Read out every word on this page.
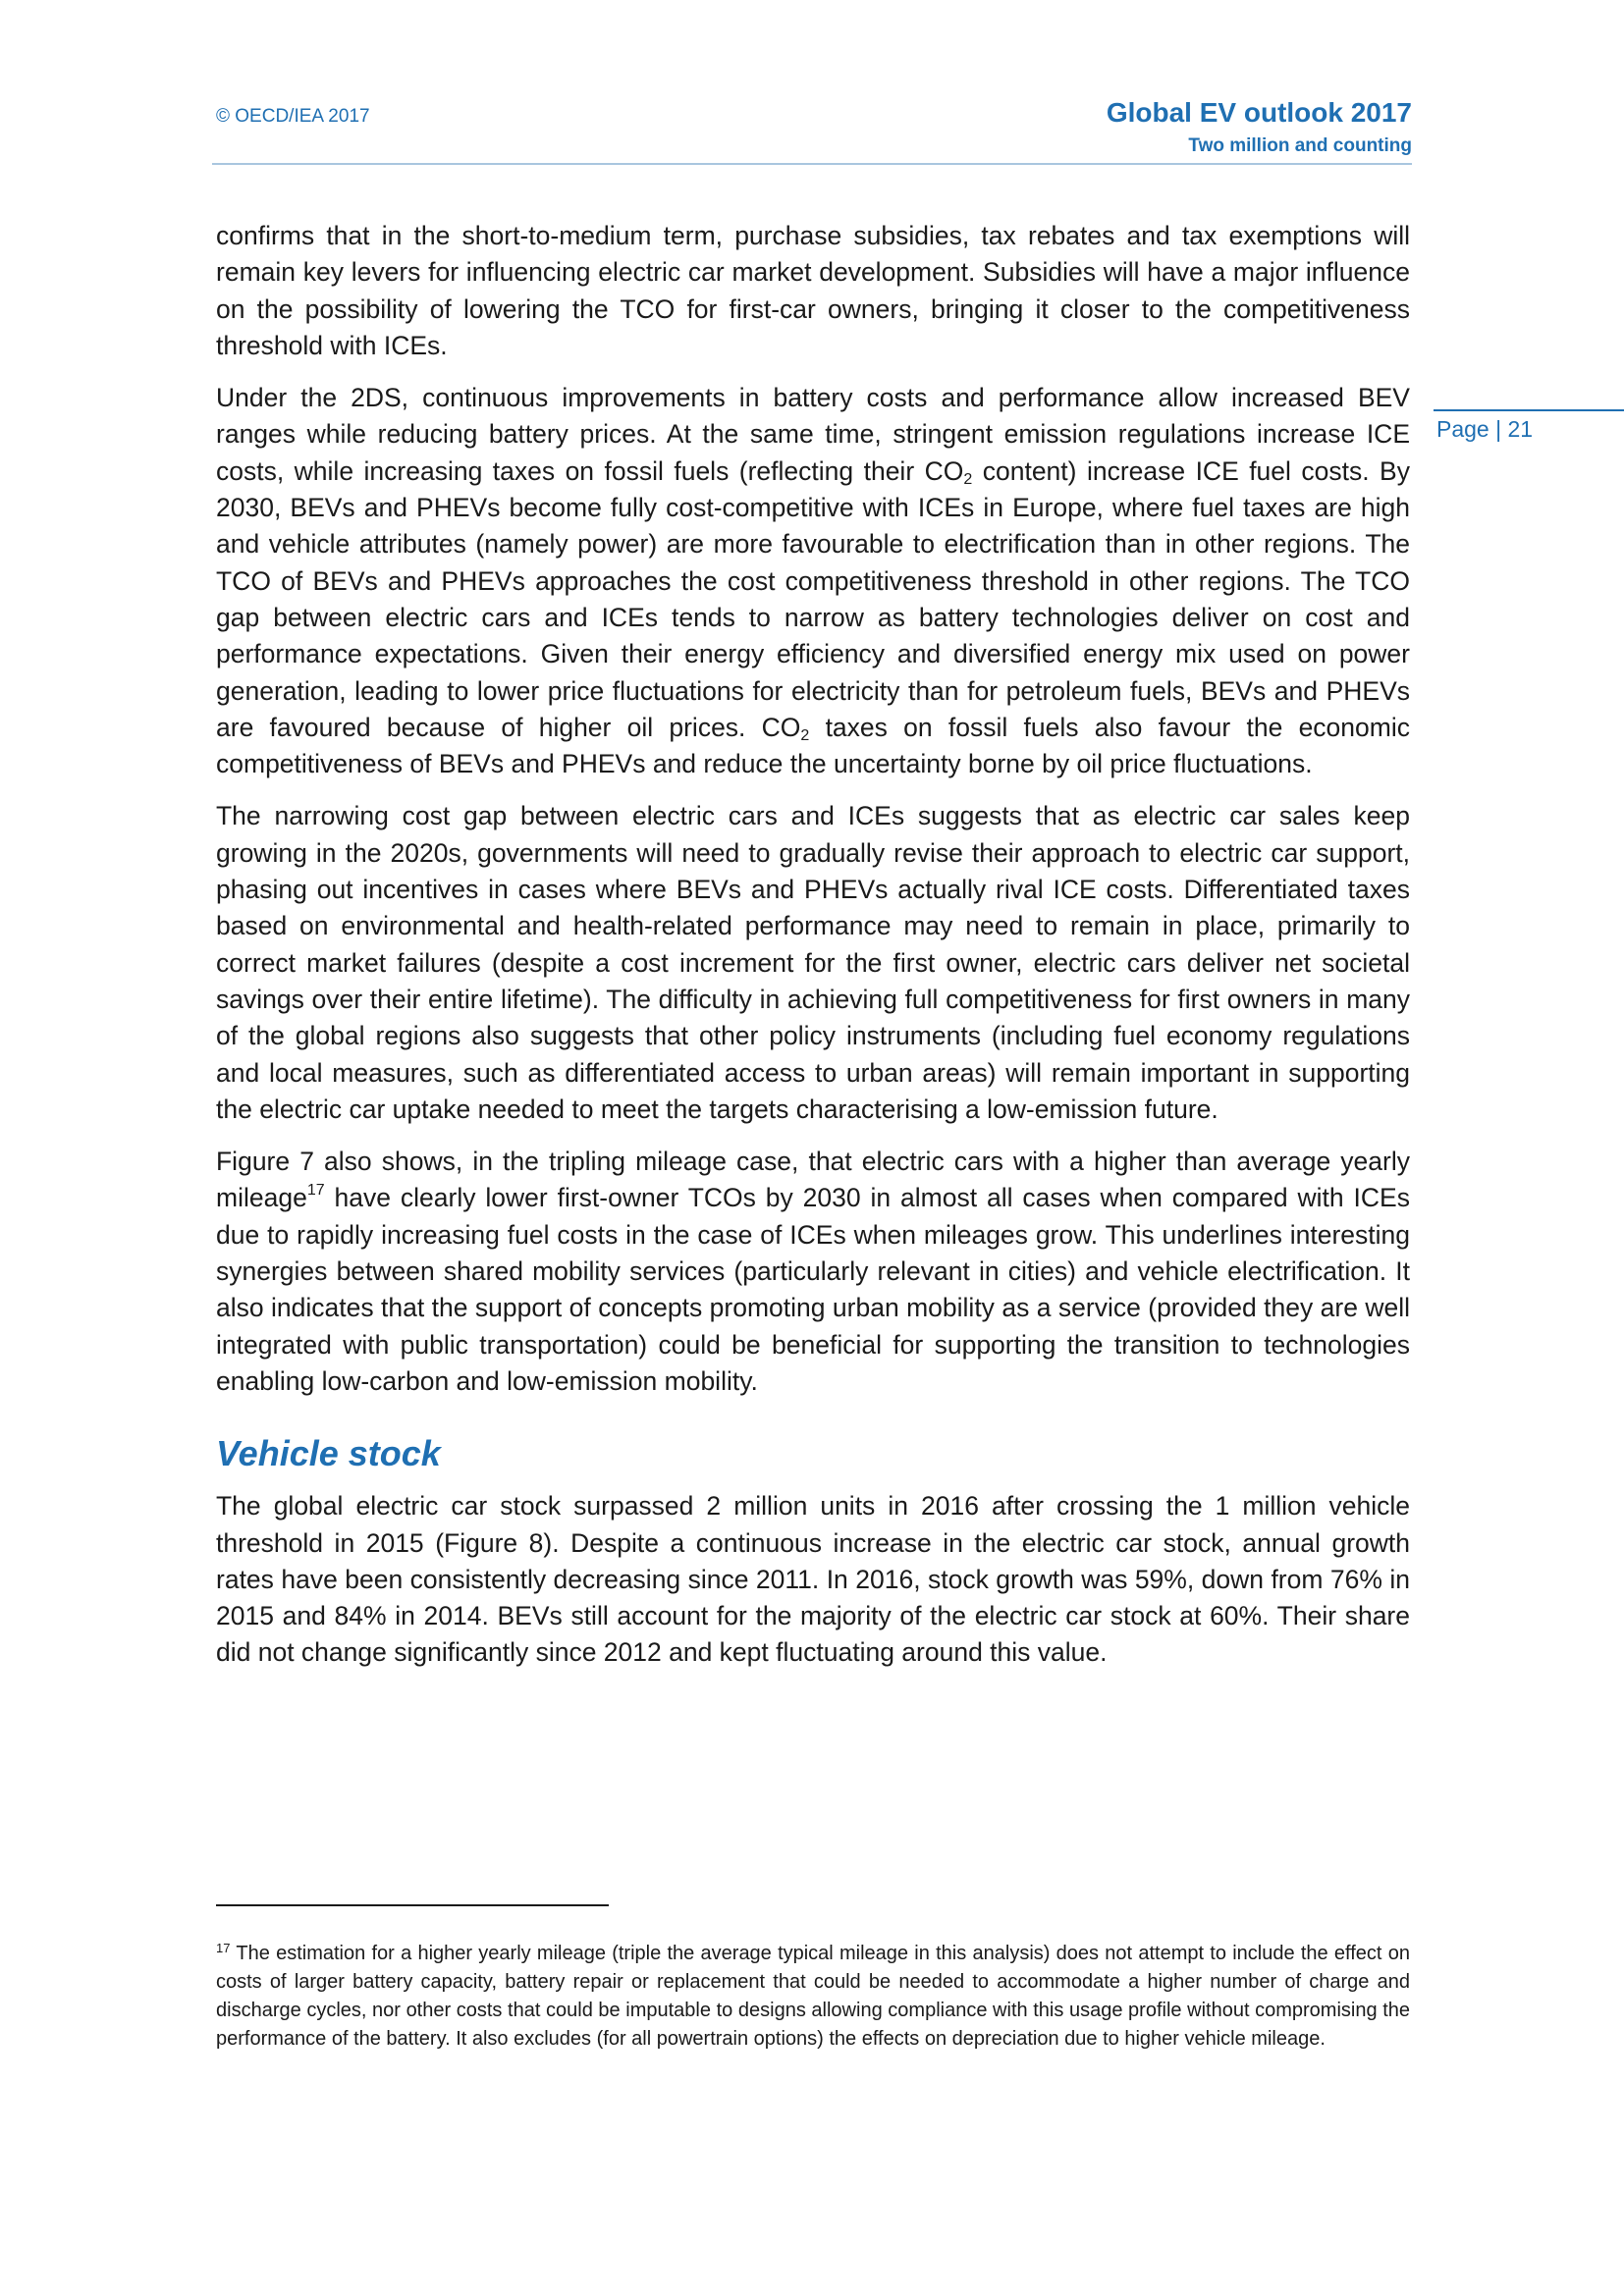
© OECD/IEA 2017	Global EV outlook 2017
Two million and counting
Page | 21

confirms that in the short-to-medium term, purchase subsidies, tax rebates and tax exemptions will remain key levers for influencing electric car market development. Subsidies will have a major influence on the possibility of lowering the TCO for first-car owners, bringing it closer to the competitiveness threshold with ICEs.

Under the 2DS, continuous improvements in battery costs and performance allow increased BEV ranges while reducing battery prices. At the same time, stringent emission regulations increase ICE costs, while increasing taxes on fossil fuels (reflecting their $CO_2$ content) increase ICE fuel costs. By 2030, BEVs and PHEVs become fully cost-competitive with ICEs in Europe, where fuel taxes are high and vehicle attributes (namely power) are more favourable to electrification than in other regions. The TCO of BEVs and PHEVs approaches the cost competitiveness threshold in other regions. The TCO gap between electric cars and ICEs tends to narrow as battery technologies deliver on cost and performance expectations. Given their energy efficiency and diversified energy mix used on power generation, leading to lower price fluctuations for electricity than for petroleum fuels, BEVs and PHEVs are favoured because of higher oil prices. $CO_2$ taxes on fossil fuels also favour the economic competitiveness of BEVs and PHEVs and reduce the uncertainty borne by oil price fluctuations.

The narrowing cost gap between electric cars and ICEs suggests that as electric car sales keep growing in the 2020s, governments will need to gradually revise their approach to electric car support, phasing out incentives in cases where BEVs and PHEVs actually rival ICE costs. Differentiated taxes based on environmental and health-related performance may need to remain in place, primarily to correct market failures (despite a cost increment for the first owner, electric cars deliver net societal savings over their entire lifetime). The difficulty in achieving full competitiveness for first owners in many of the global regions also suggests that other policy instruments (including fuel economy regulations and local measures, such as differentiated access to urban areas) will remain important in supporting the electric car uptake needed to meet the targets characterising a low-emission future.

Figure 7 also shows, in the tripling mileage case, that electric cars with a higher than average yearly mileage$^{17}$ have clearly lower first-owner TCOs by 2030 in almost all cases when compared with ICEs due to rapidly increasing fuel costs in the case of ICEs when mileages grow. This underlines interesting synergies between shared mobility services (particularly relevant in cities) and vehicle electrification. It also indicates that the support of concepts promoting urban mobility as a service (provided they are well integrated with public transportation) could be beneficial for supporting the transition to technologies enabling low-carbon and low-emission mobility.

Vehicle stock

The global electric car stock surpassed 2 million units in 2016 after crossing the 1 million vehicle threshold in 2015 (Figure 8). Despite a continuous increase in the electric car stock, annual growth rates have been consistently decreasing since 2011. In 2016, stock growth was 59%, down from 76% in 2015 and 84% in 2014. BEVs still account for the majority of the electric car stock at 60%. Their share did not change significantly since 2012 and kept fluctuating around this value.

$^{17}$ The estimation for a higher yearly mileage (triple the average typical mileage in this analysis) does not attempt to include the effect on costs of larger battery capacity, battery repair or replacement that could be needed to accommodate a higher number of charge and discharge cycles, nor other costs that could be imputable to designs allowing compliance with this usage profile without compromising the performance of the battery. It also excludes (for all powertrain options) the effects on depreciation due to higher vehicle mileage.
